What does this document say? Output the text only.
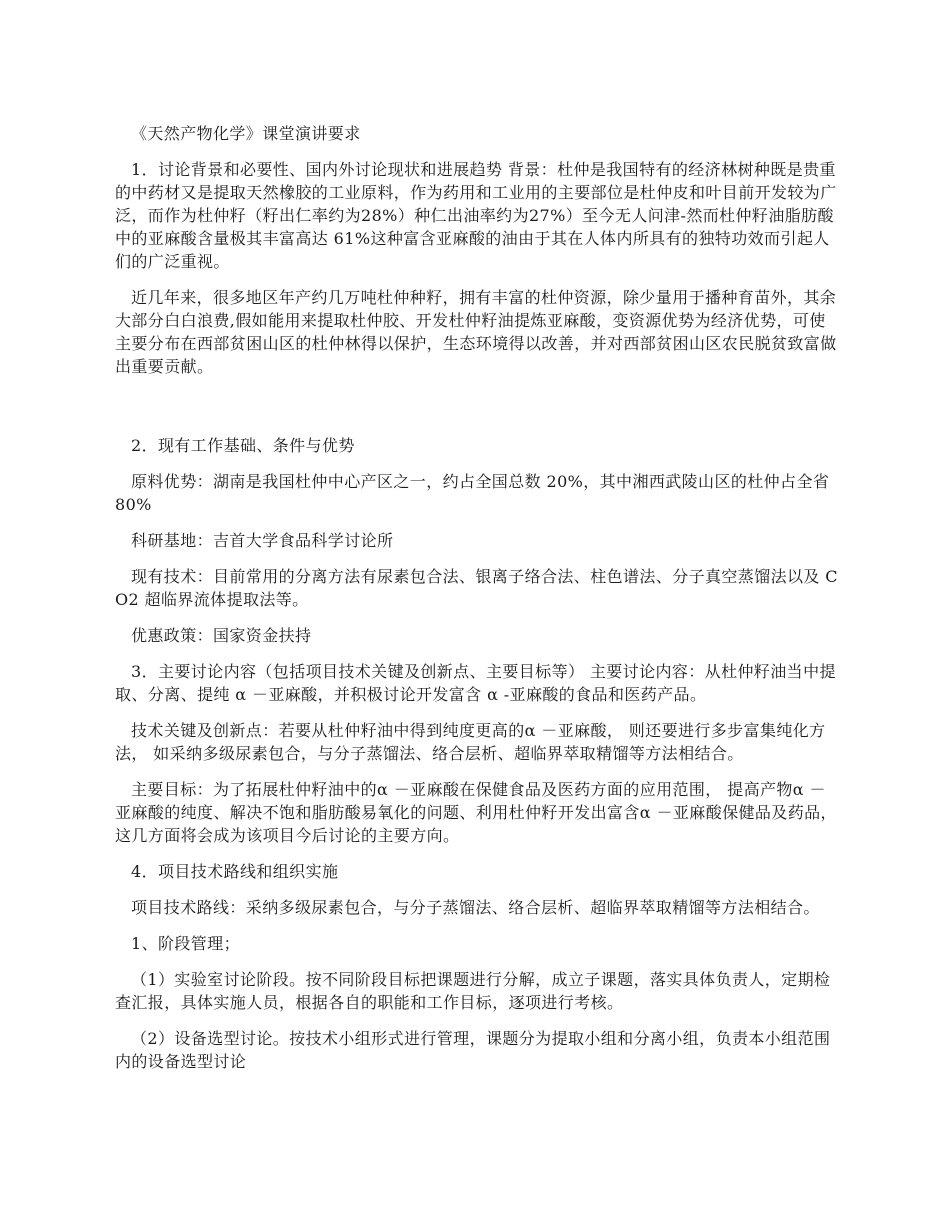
《天然产物化学》课堂演讲要求

1．讨论背景和必要性、国内外讨论现状和进展趋势 背景：杜仲是我国特有的经济林树种既是贵重的中药材又是提取天然橡胶的工业原料，作为药用和工业用的主要部位是杜仲皮和叶目前开发较为广泛，而作为杜仲籽（籽出仁率约为28%）种仁出油率约为27%）至今无人问津-然而杜仲籽油脂肪酸中的亚麻酸含量极其丰富高达 61%这种富含亚麻酸的油由于其在人体内所具有的独特功效而引起人们的广泛重视。

近几年来，很多地区年产约几万吨杜仲种籽，拥有丰富的杜仲资源，除少量用于播种育苗外，其余大部分白白浪费,假如能用来提取杜仲胶、开发杜仲籽油提炼亚麻酸，变资源优势为经济优势，可使主要分布在西部贫困山区的杜仲林得以保护，生态环境得以改善，并对西部贫困山区农民脱贫致富做出重要贡献。

2．现有工作基础、条件与优势

原料优势：湖南是我国杜仲中心产区之一，约占全国总数 20%，其中湘西武陵山区的杜仲占全省 80%

科研基地：吉首大学食品科学讨论所

现有技术：目前常用的分离方法有尿素包合法、银离子络合法、柱色谱法、分子真空蒸馏法以及 CO2 超临界流体提取法等。

优惠政策：国家资金扶持

3．主要讨论内容（包括项目技术关键及创新点、主要目标等） 主要讨论内容：从杜仲籽油当中提取、分离、提纯 α －亚麻酸，并积极讨论开发富含 α -亚麻酸的食品和医药产品。

技术关键及创新点：若要从杜仲籽油中得到纯度更高的α －亚麻酸， 则还要进行多步富集纯化方法， 如采纳多级尿素包合，与分子蒸馏法、络合层析、超临界萃取精馏等方法相结合。

主要目标：为了拓展杜仲籽油中的α －亚麻酸在保健食品及医药方面的应用范围， 提高产物α －亚麻酸的纯度、解决不饱和脂肪酸易氧化的问题、利用杜仲籽开发出富含α －亚麻酸保健品及药品， 这几方面将会成为该项目今后讨论的主要方向。

4．项目技术路线和组织实施

项目技术路线：采纳多级尿素包合，与分子蒸馏法、络合层析、超临界萃取精馏等方法相结合。

1、阶段管理；

（1）实验室讨论阶段。按不同阶段目标把课题进行分解，成立子课题，落实具体负责人，定期检查汇报，具体实施人员，根据各自的职能和工作目标，逐项进行考核。

（2）设备选型讨论。按技术小组形式进行管理，课题分为提取小组和分离小组，负责本小组范围内的设备选型讨论
